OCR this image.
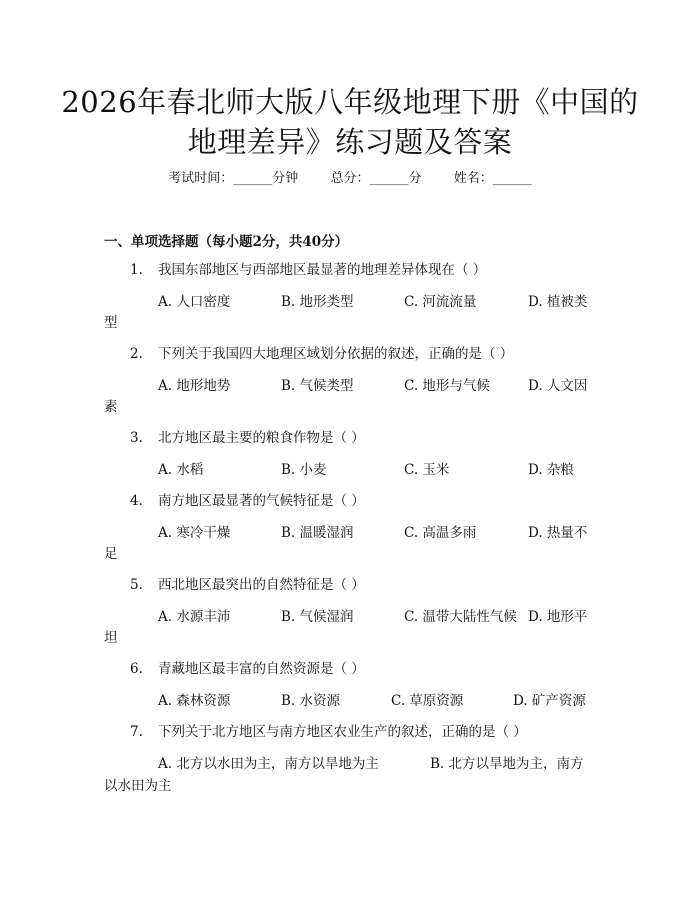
2026年春北师大版八年级地理下册《中国的
地理差异》练习题及答案
考试时间：______分钟 总分：______分 姓名：______
一、单项选择题（每小题2分，共40分）
1. 我国东部地区与西部地区最显著的地理差异体现在（ ）
A. 人口密度	B. 地形类型	C. 河流流量	D. 植被类
型
2. 下列关于我国四大地理区域划分依据的叙述，正确的是（ ）
A. 地形地势	B. 气候类型	C. 地形与气候	D. 人文因
素
3. 北方地区最主要的粮食作物是（ ）
A. 水稻	B. 小麦	C. 玉米	D. 杂粮
4. 南方地区最显著的气候特征是（ ）
A. 寒冷干燥	B. 温暖湿润	C. 高温多雨	D. 热量不
足
5. 西北地区最突出的自然特征是（ ）
A. 水源丰沛	B. 气候湿润	C. 温带大陆性气候 D. 地形平
坦
6. 青藏地区最丰富的自然资源是（ ）
A. 森林资源	B. 水资源	C. 草原资源	D. 矿产资源
7. 下列关于北方地区与南方地区农业生产的叙述，正确的是（ ）
A. 北方以水田为主，南方以旱地为主	B. 北方以旱地为主，南方
以水田为主
